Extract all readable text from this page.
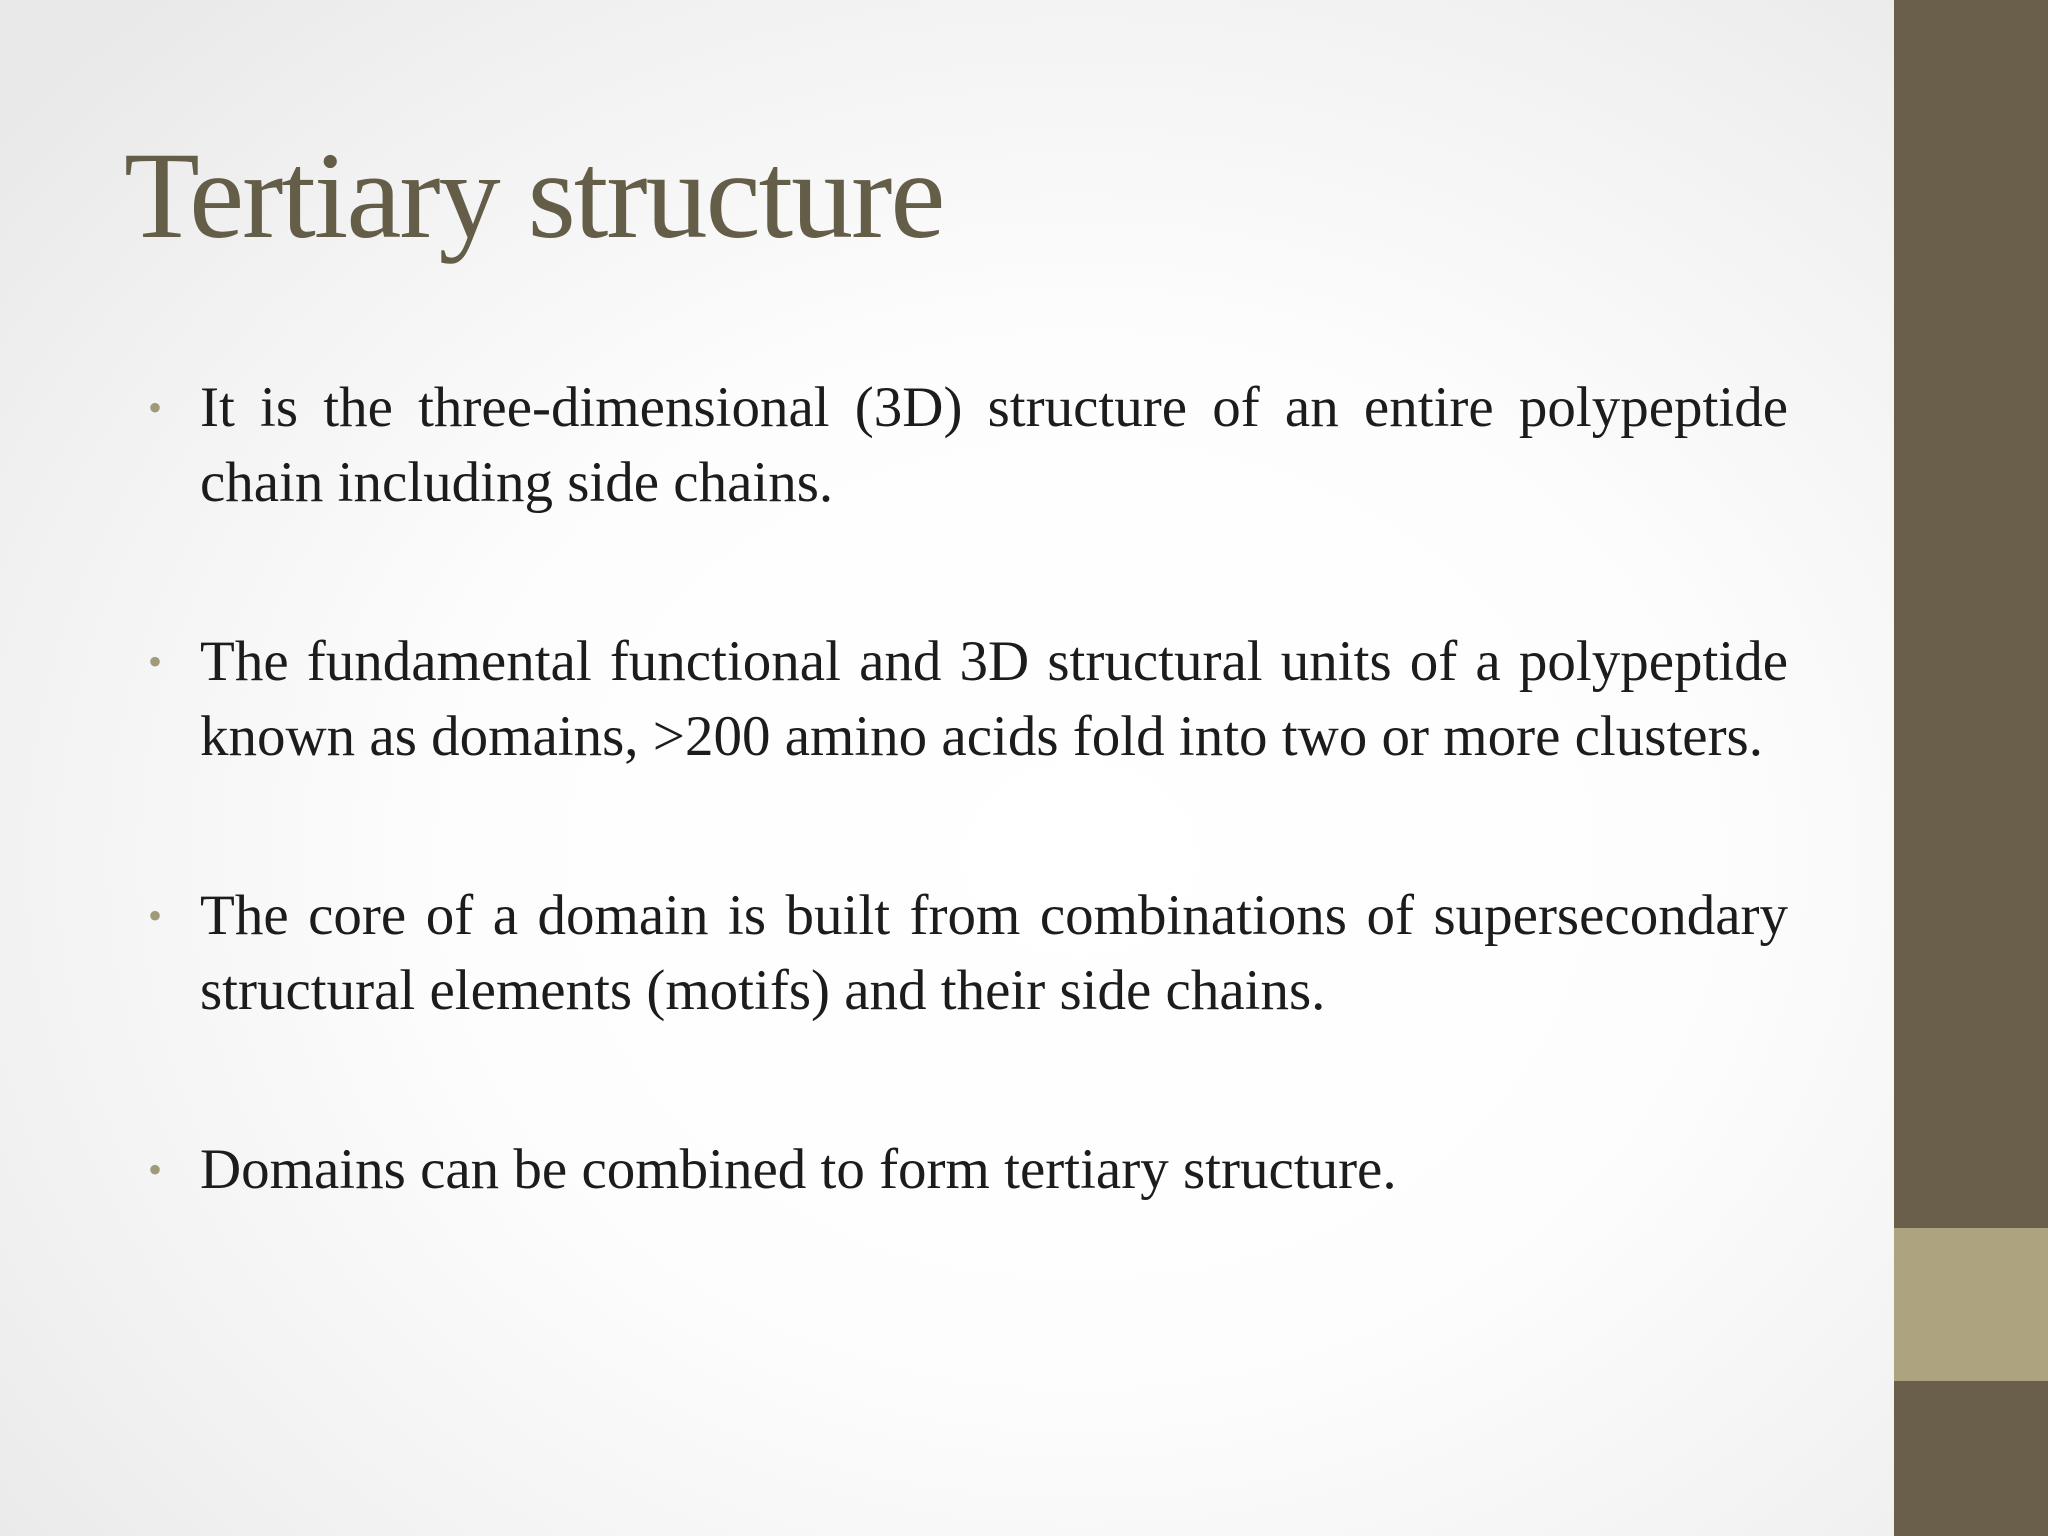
Tertiary structure
• It is the three-dimensional (3D) structure of an entire polypeptide chain including side chains.
• The fundamental functional and 3D structural units of a polypeptide known as domains, >200 amino acids fold into two or more clusters.
• The core of a domain is built from combinations of supersecondary structural elements (motifs) and their side chains.
• Domains can be combined to form tertiary structure.
